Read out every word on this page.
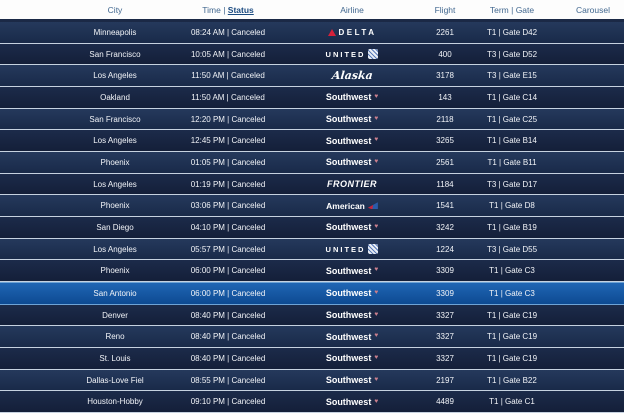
City	Time | Status	Airline	Flight	Term | Gate	Carousel
Minneapolis	08:24 AM | Canceled	DELTA	2261	T1 | Gate D42
San Francisco	10:05 AM | Canceled	UNITED	400	T3 | Gate D52
Los Angeles	11:50 AM | Canceled	Alaska	3178	T3 | Gate E15
Oakland	11:50 AM | Canceled	Southwest ♥	143	T1 | Gate C14
San Francisco	12:20 PM | Canceled	Southwest ♥	2118	T1 | Gate C25
Los Angeles	12:45 PM | Canceled	Southwest ♥	3265	T1 | Gate B14
Phoenix	01:05 PM | Canceled	Southwest ♥	2561	T1 | Gate B11
Los Angeles	01:19 PM | Canceled	FRONTIER	1184	T3 | Gate D17
Phoenix	03:06 PM | Canceled	American	1541	T1 | Gate D8
San Diego	04:10 PM | Canceled	Southwest ♥	3242	T1 | Gate B19
Los Angeles	05:57 PM | Canceled	UNITED	1224	T3 | Gate D55
Phoenix	06:00 PM | Canceled	Southwest ♥	3309	T1 | Gate C3
San Antonio	06:00 PM | Canceled	Southwest ♥	3309	T1 | Gate C3
Denver	08:40 PM | Canceled	Southwest ♥	3327	T1 | Gate C19
Reno	08:40 PM | Canceled	Southwest ♥	3327	T1 | Gate C19
St. Louis	08:40 PM | Canceled	Southwest ♥	3327	T1 | Gate C19
Dallas-Love Fiel	08:55 PM | Canceled	Southwest ♥	2197	T1 | Gate B22
Houston-Hobby	09:10 PM | Canceled	Southwest ♥	4489	T1 | Gate C1
